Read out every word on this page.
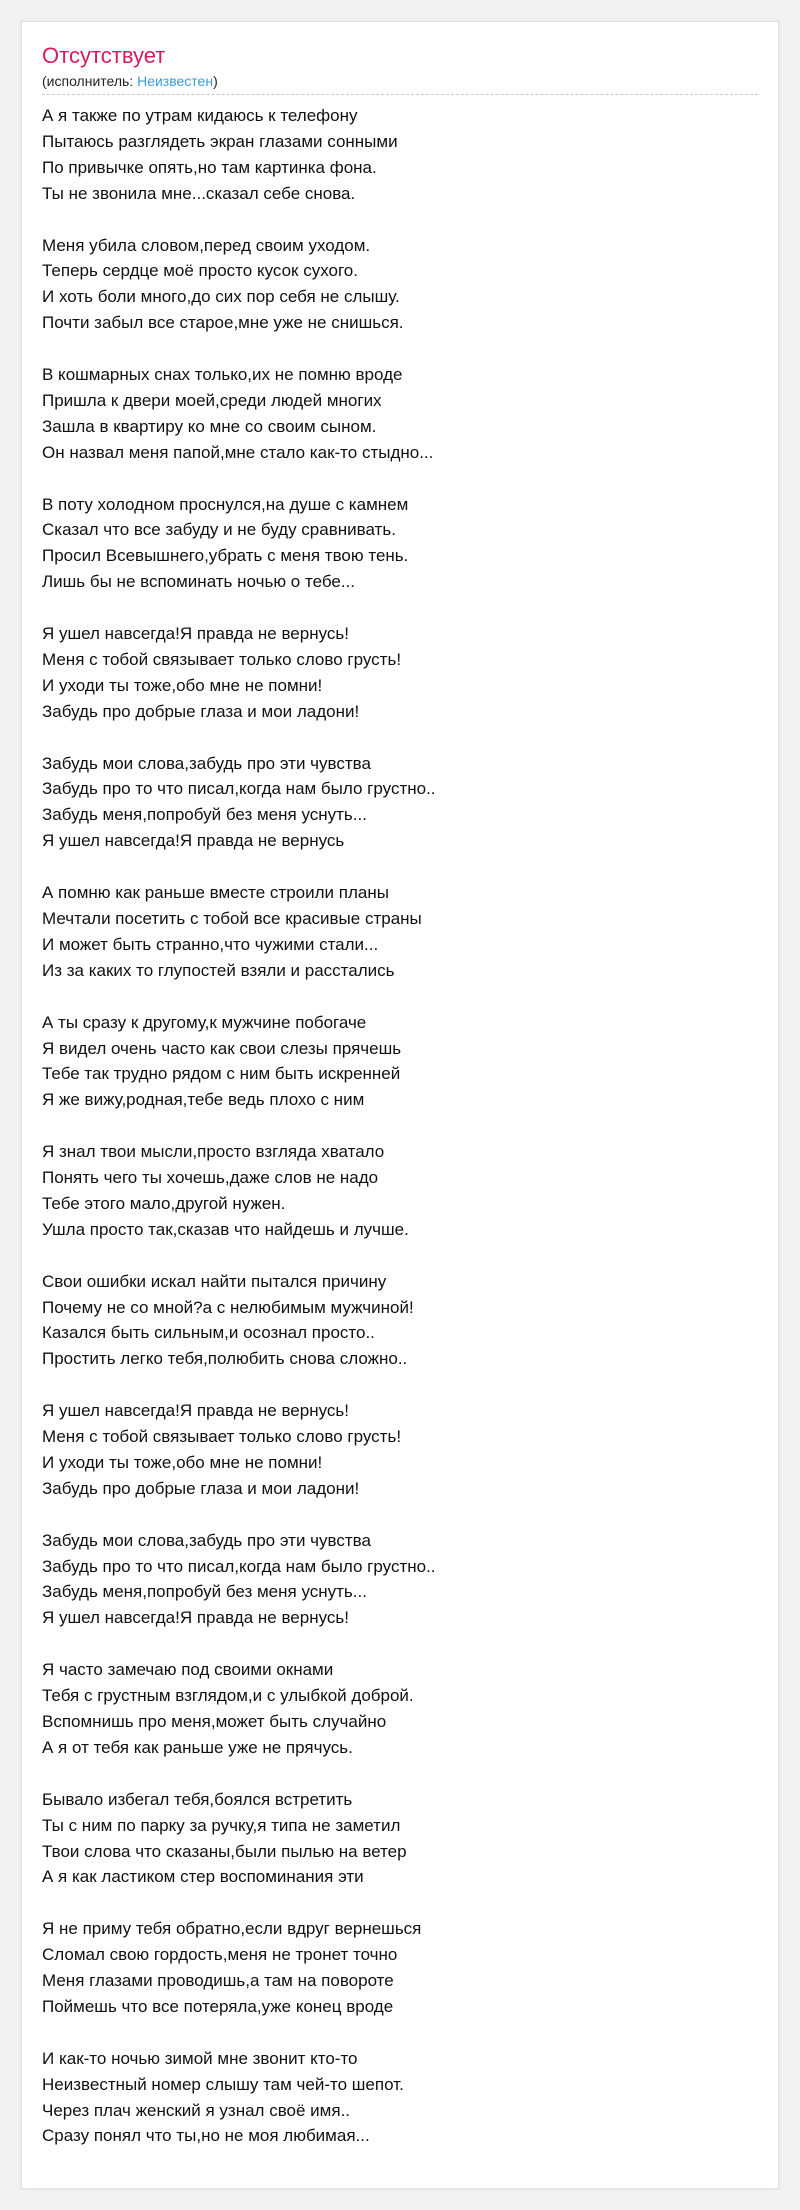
Отсутствует
(исполнитель: Неизвестен)
А я также по утрам кидаюсь к телефону
Пытаюсь разглядеть экран глазами сонными
По привычке опять,но там картинка фона.
Ты не звонила мне...сказал себе снова.
Меня убила словом,перед своим уходом.
Теперь сердце моё просто кусок сухого.
И хоть боли много,до сих пор себя не слышу.
Почти забыл все старое,мне уже не снишься.
В кошмарных снах только,их не помню вроде
Пришла к двери моей,среди людей многих
Зашла в квартиру ко мне со своим сыном.
Он назвал меня папой,мне стало как-то стыдно...
В поту холодном проснулся,на душе с камнем
Сказал что все забуду и не буду сравнивать.
Просил Всевышнего,убрать с меня твою тень.
Лишь бы не вспоминать ночью о тебе...
Я ушел навсегда!Я правда не вернусь!
Меня с тобой связывает только слово грусть!
И уходи ты тоже,обо мне не помни!
Забудь про добрые глаза и мои ладони!
Забудь мои слова,забудь про эти чувства
Забудь про то что писал,когда нам было грустно..
Забудь меня,попробуй без меня уснуть...
Я ушел навсегда!Я правда не вернусь
А помню как раньше вместе строили планы
Мечтали посетить с тобой все красивые страны
И может быть странно,что чужими стали...
Из за каких то глупостей взяли и расстались
А ты сразу к другому,к мужчине побогаче
Я видел очень часто как свои слезы прячешь
Тебе так трудно рядом с ним быть искренней
Я же вижу,родная,тебе ведь плохо с ним
Я знал твои мысли,просто взгляда хватало
Понять чего ты хочешь,даже слов не надо
Тебе этого мало,другой нужен.
Ушла просто так,сказав что найдешь и лучше.
Свои ошибки искал найти пытался причину
Почему не со мной?а с нелюбимым мужчиной!
Казался быть сильным,и осознал просто..
Простить легко тебя,полюбить снова сложно..
Я ушел навсегда!Я правда не вернусь!
Меня с тобой связывает только слово грусть!
И уходи ты тоже,обо мне не помни!
Забудь про добрые глаза и мои ладони!
Забудь мои слова,забудь про эти чувства
Забудь про то что писал,когда нам было грустно..
Забудь меня,попробуй без меня уснуть...
Я ушел навсегда!Я правда не вернусь!
Я часто замечаю под своими окнами
Тебя с грустным взглядом,и с улыбкой доброй.
Вспомнишь про меня,может быть случайно
А я от тебя как раньше уже не прячусь.
Бывало избегал тебя,боялся встретить
Ты с ним по парку за ручку,я типа не заметил
Твои слова что сказаны,были пылью на ветер
А я как ластиком стер воспоминания эти
Я не приму тебя обратно,если вдруг вернешься
Сломал свою гордость,меня не тронет точно
Меня глазами проводишь,а там на повороте
Поймешь что все потеряла,уже конец вроде
И как-то ночью зимой мне звонит кто-то
Неизвестный номер слышу там чей-то шепот.
Через плач женский я узнал своё имя..
Сразу понял что ты,но не моя любимая...
